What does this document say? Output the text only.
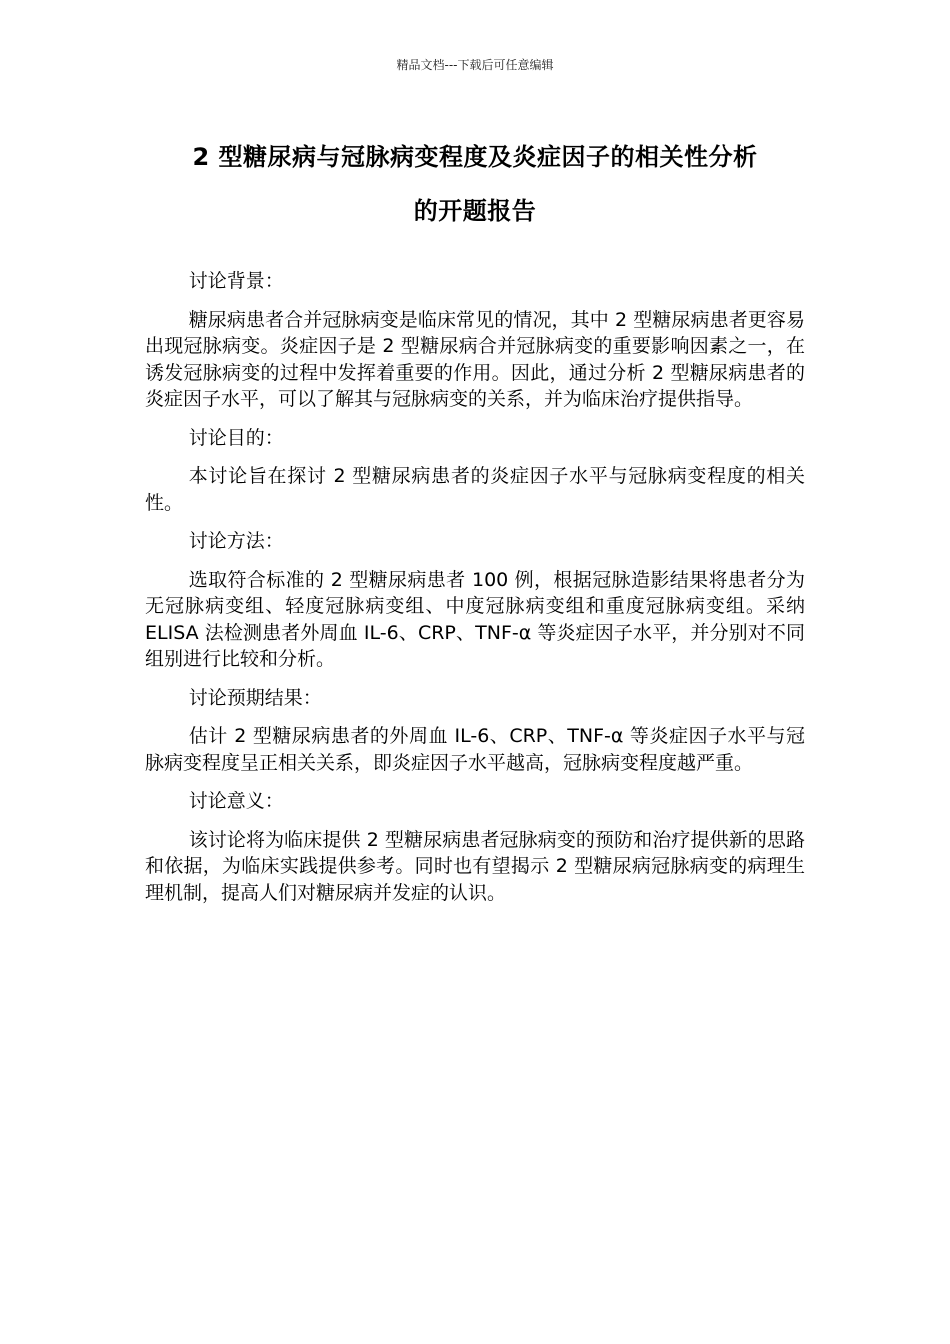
精品文档---下载后可任意编辑
2 型糖尿病与冠脉病变程度及炎症因子的相关性分析
的开题报告

讨论背景：

糖尿病患者合并冠脉病变是临床常见的情况，其中 2 型糖尿病患者更容易出现冠脉病变。炎症因子是 2 型糖尿病合并冠脉病变的重要影响因素之一，在诱发冠脉病变的过程中发挥着重要的作用。因此，通过分析 2 型糖尿病患者的炎症因子水平，可以了解其与冠脉病变的关系，并为临床治疗提供指导。

讨论目的：

本讨论旨在探讨 2 型糖尿病患者的炎症因子水平与冠脉病变程度的相关性。

讨论方法：

选取符合标准的 2 型糖尿病患者 100 例，根据冠脉造影结果将患者分为无冠脉病变组、轻度冠脉病变组、中度冠脉病变组和重度冠脉病变组。采纳 ELISA 法检测患者外周血 IL-6、CRP、TNF-α 等炎症因子水平，并分别对不同组别进行比较和分析。

讨论预期结果：

估计 2 型糖尿病患者的外周血 IL-6、CRP、TNF-α 等炎症因子水平与冠脉病变程度呈正相关关系，即炎症因子水平越高，冠脉病变程度越严重。

讨论意义：

该讨论将为临床提供 2 型糖尿病患者冠脉病变的预防和治疗提供新的思路和依据，为临床实践提供参考。同时也有望揭示 2 型糖尿病冠脉病变的病理生理机制，提高人们对糖尿病并发症的认识。
